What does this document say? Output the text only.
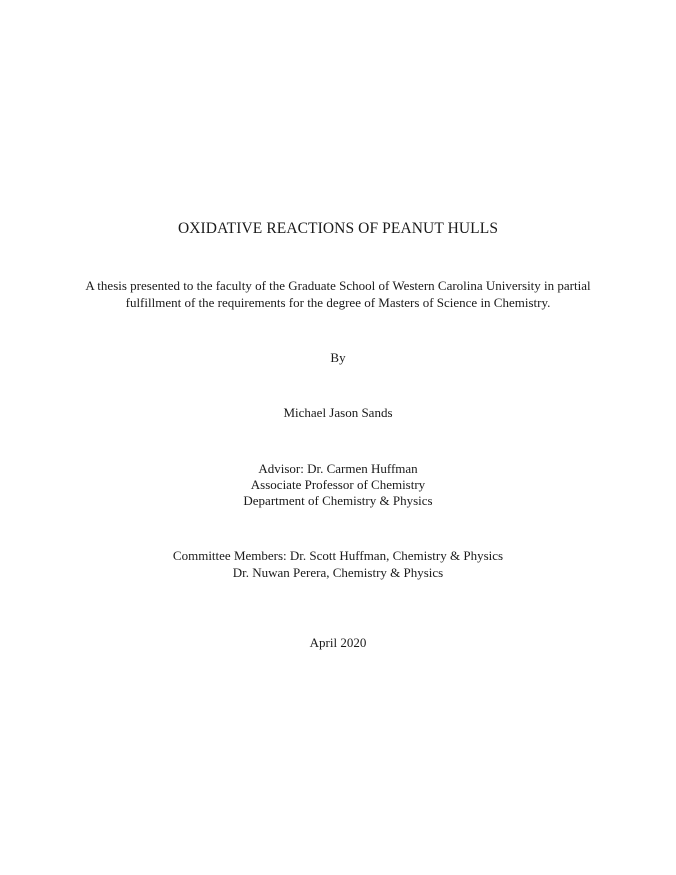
OXIDATIVE REACTIONS OF PEANUT HULLS
A thesis presented to the faculty of the Graduate School of Western Carolina University in partial
fulfillment of the requirements for the degree of Masters of Science in Chemistry.
By
Michael Jason Sands
Advisor: Dr. Carmen Huffman
Associate Professor of Chemistry
Department of Chemistry & Physics
Committee Members: Dr. Scott Huffman, Chemistry & Physics
Dr. Nuwan Perera, Chemistry & Physics
April 2020
